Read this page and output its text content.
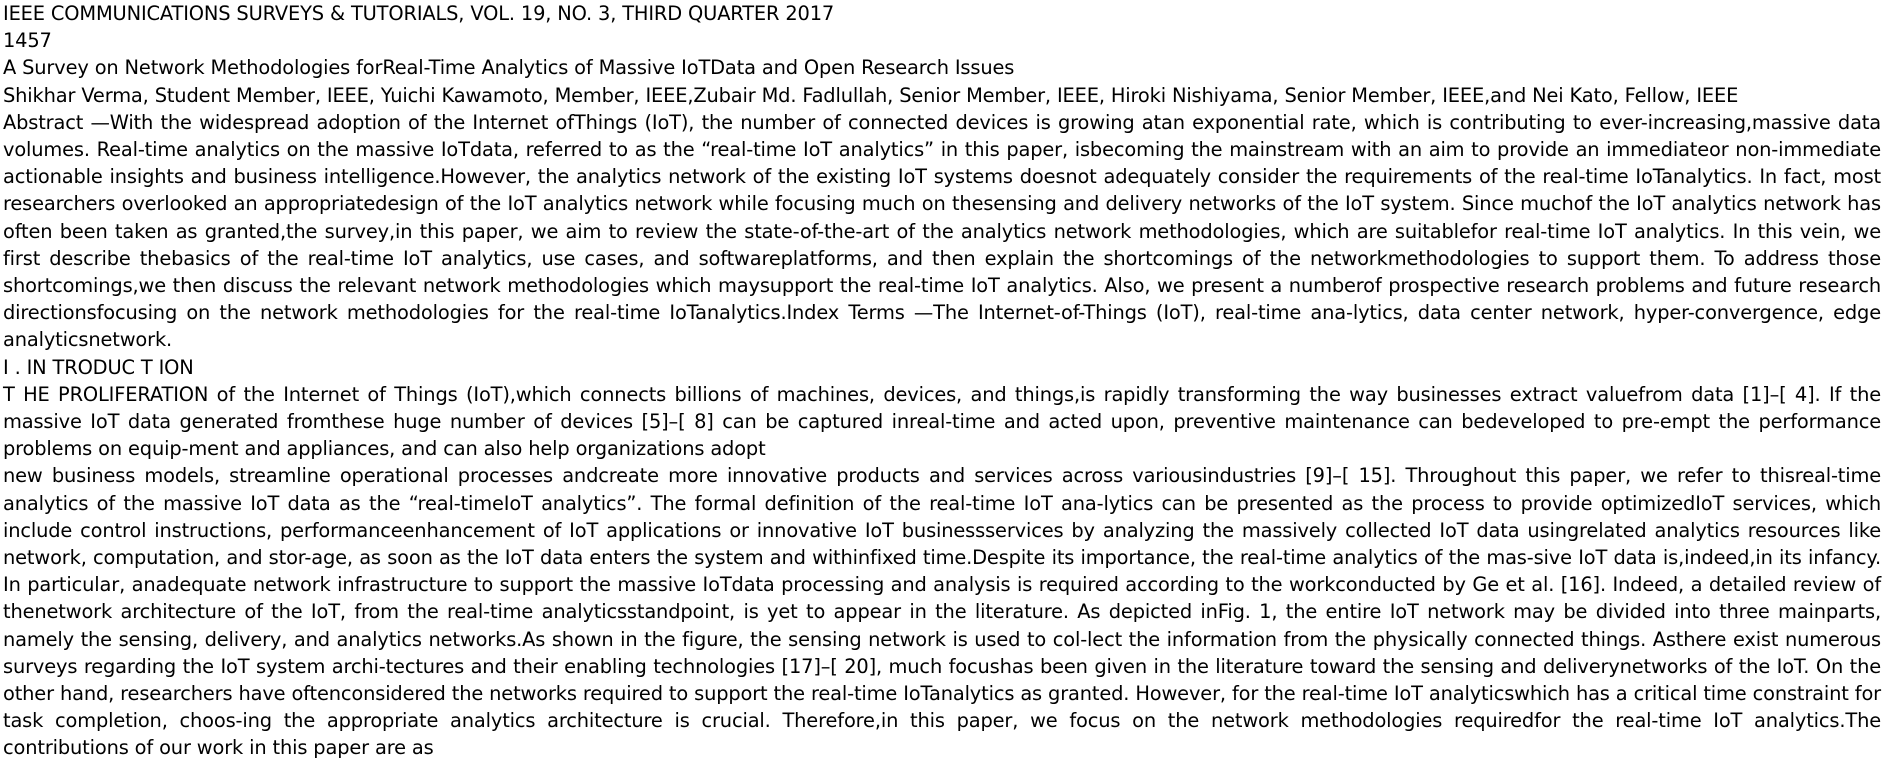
IEEE COMMUNICATIONS SURVEYS & TUTORIALS, VOL. 19, NO. 3, THIRD QUARTER 2017

1457

A Survey on Network Methodologies forReal-Time Analytics of Massive IoTData and Open Research Issues

Shikhar Verma, Student Member, IEEE, Yuichi Kawamoto, Member, IEEE,Zubair Md. Fadlullah, Senior Member, IEEE, Hiroki Nishiyama, Senior Member, IEEE,and Nei Kato, Fellow, IEEE

Abstract —With the widespread adoption of the Internet ofThings (IoT), the number of connected devices is growing atan exponential rate, which is contributing to ever-increasing,massive data volumes. Real-time analytics on the massive IoTdata, referred to as the “real-time IoT analytics” in this paper, isbecoming the mainstream with an aim to provide an immediateor non-immediate actionable insights and business intelligence.However, the analytics network of the existing IoT systems doesnot adequately consider the requirements of the real-time IoTanalytics. In fact, most researchers overlooked an appropriatedesign of the IoT analytics network while focusing much on thesensing and delivery networks of the IoT system. Since muchof the IoT analytics network has often been taken as granted,the survey,in this paper, we aim to review the state-of-the-art of the analytics network methodologies, which are suitablefor real-time IoT analytics. In this vein, we first describe thebasics of the real-time IoT analytics, use cases, and softwareplatforms, and then explain the shortcomings of the networkmethodologies to support them. To address those shortcomings,we then discuss the relevant network methodologies which maysupport the real-time IoT analytics. Also, we present a numberof prospective research problems and future research directionsfocusing on the network methodologies for the real-time IoTanalytics.Index Terms —The Internet-of-Things (IoT), real-time ana-lytics, data center network, hyper-convergence, edge analyticsnetwork.

I . IN TRODUC T ION

T HE PROLIFERATION of the Internet of Things (IoT),which connects billions of machines, devices, and things,is rapidly transforming the way businesses extract valuefrom data [1]–[ 4]. If the massive IoT data generated fromthese huge number of devices [5]–[ 8] can be captured inreal-time and acted upon, preventive maintenance can bedeveloped to pre-empt the performance problems on equip-ment and appliances, and can also help organizations adopt

new business models, streamline operational processes andcreate more innovative products and services across variousindustries [9]–[ 15]. Throughout this paper, we refer to thisreal-time analytics of the massive IoT data as the “real-timeIoT analytics”. The formal definition of the real-time IoT ana-lytics can be presented as the process to provide optimizedIoT services, which include control instructions, performanceenhancement of IoT applications or innovative IoT businessservices by analyzing the massively collected IoT data usingrelated analytics resources like network, computation, and stor-age, as soon as the IoT data enters the system and withinfixed time.Despite its importance, the real-time analytics of the mas-sive IoT data is,indeed,in its infancy. In particular, anadequate network infrastructure to support the massive IoTdata processing and analysis is required according to the workconducted by Ge et al. [16]. Indeed, a detailed review of thenetwork architecture of the IoT, from the real-time analyticsstandpoint, is yet to appear in the literature. As depicted inFig. 1, the entire IoT network may be divided into three mainparts, namely the sensing, delivery, and analytics networks.As shown in the figure, the sensing network is used to col-lect the information from the physically connected things. Asthere exist numerous surveys regarding the IoT system archi-tectures and their enabling technologies [17]–[ 20], much focushas been given in the literature toward the sensing and deliverynetworks of the IoT. On the other hand, researchers have oftenconsidered the networks required to support the real-time IoTanalytics as granted. However, for the real-time IoT analyticswhich has a critical time constraint for task completion, choos-ing the appropriate analytics architecture is crucial. Therefore,in this paper, we focus on the network methodologies requiredfor the real-time IoT analytics.The contributions of our work in this paper are as
